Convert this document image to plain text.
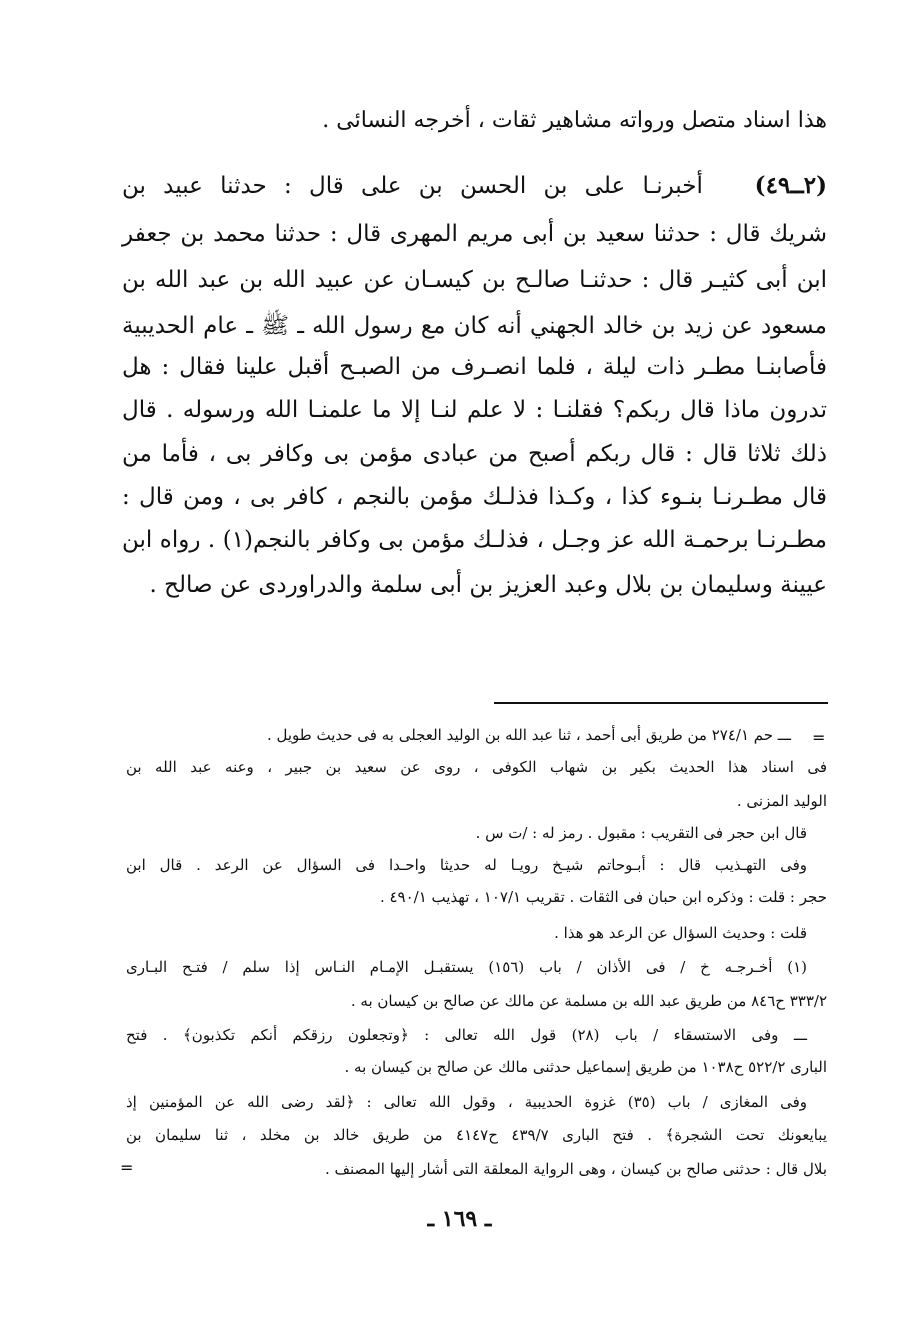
هذا اسناد متصل ورواته مشاهير ثقات ، أخرجه النسائى .
(٢ــ٤٩)   أخبرنـا على بن الحسن بن على قال : حدثنا عبيد بن
شريك قال : حدثنا سعيد بن أبى مريم المهرى قال : حدثنا محمد بن جعفر
ابن أبى كثيـر قال : حدثنـا صالـح بن كيسـان عن عبيد الله بن عبد الله بن
مسعود عن زيد بن خالد الجهني أنه كان مع رسول الله ـ ﷺ ـ عام الحديبية
فأصابنـا مطـر ذات ليلة ، فلما انصـرف من الصبـح أقبل علينا فقال : هل
تدرون ماذا قال ربكم؟ فقلنـا : لا علم لنـا إلا ما علمنـا الله ورسوله . قال
ذلك ثلاثا قال : قال ربكم أصبح من عبادى مؤمن بى وكافر بى ، فأما من
قال مطـرنـا بنـوء كذا ، وكـذا فذلـك مؤمن بالنجم ، كافر بى ، ومن قال :
مطـرنـا برحمـة الله عز وجـل ، فذلـك مؤمن بى وكافر بالنجم(١) . رواه ابن
عيينة وسليمان بن بلال وعبد العزيز بن أبى سلمة والدراوردى عن صالح .
=
ـــ حم ٢٧٤/١ من طريق أبى أحمد ، ثنا عبد الله بن الوليد العجلى به فى حديث طويل .
فى اسناد هذا الحديث بكير بن شهاب الكوفى ، روى عن سعيد بن جبير ، وعنه عبد الله بن
الوليد المزنى .
قال ابن حجر فى التقريب : مقبول . رمز له : /ت س .
وفى التهـذيب قال : أبـوحاتم شيـخ رويـا له حديثا واحـدا فى السؤال عن الرعد . قال ابن
حجر : قلت : وذكره ابن حبان فى الثقات . تقريب ١٠٧/١ ، تهذيب ٤٩٠/١ .
قلت : وحديث السؤال عن الرعد هو هذا .
(١) أخـرجـه خ / فى الأذان / باب (١٥٦) يستقبـل الإمـام النـاس إذا سلم / فتـح البـارى
٣٣٣/٢ ح٨٤٦ من طريق عبد الله بن مسلمة عن مالك عن صالح بن كيسان به .
ـــ وفى الاستسقاء / باب (٢٨) قول الله تعالى : ﴿وتجعلون رزقكم أنكم تكذبون﴾ . فتح
البارى ٥٢٢/٢ ح١٠٣٨ من طريق إسماعيل حدثنى مالك عن صالح بن كيسان به .
وفى المغازى / باب (٣٥) غزوة الحديبية ، وقول الله تعالى : ﴿لقد رضى الله عن المؤمنين إذ
يبايعونك تحت الشجرة﴾ . فتح البارى ٤٣٩/٧ ح٤١٤٧ من طريق خالد بن مخلد ، ثنا سليمان بن
بلال قال : حدثنى صالح بن كيسان ، وهى الرواية المعلقة التى أشار إليها المصنف .
=
ـ ١٦٩ ـ
